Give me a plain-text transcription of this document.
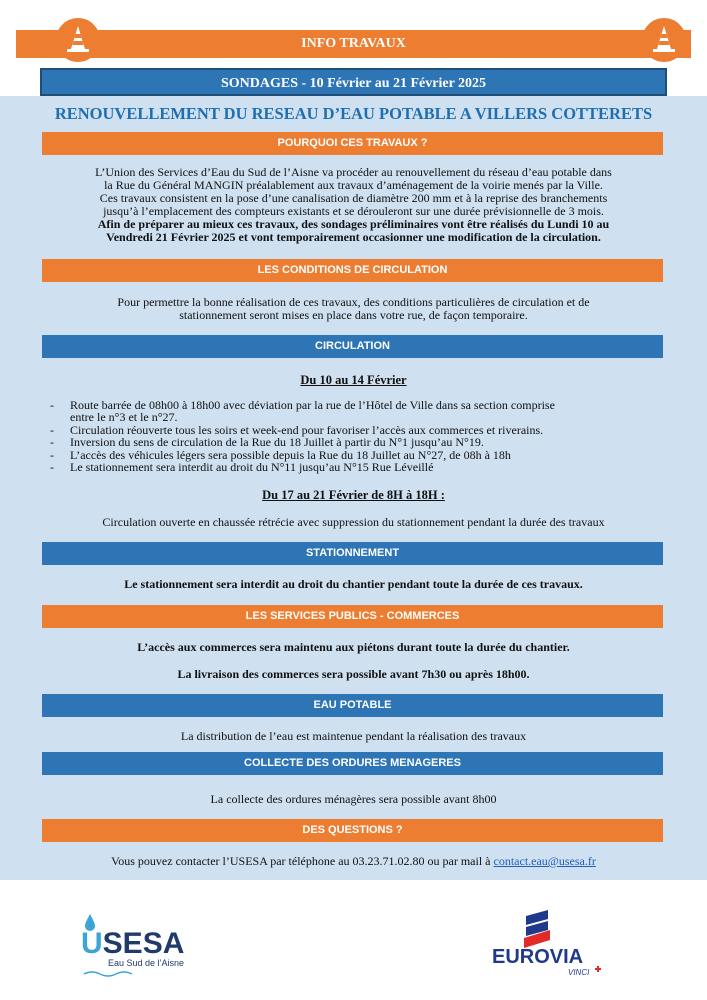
INFO TRAVAUX
SONDAGES - 10 Février au 21 Février 2025
RENOUVELLEMENT DU RESEAU D’EAU POTABLE A VILLERS COTTERETS
POURQUOI CES TRAVAUX ?
L’Union des Services d’Eau du Sud de l’Aisne va procéder au renouvellement du réseau d’eau potable dans
la Rue du Général MANGIN préalablement aux travaux d’aménagement de la voirie menés par la Ville.
Ces travaux consistent en la pose d’une canalisation de diamètre 200 mm et à la reprise des branchements
jusqu’à l’emplacement des compteurs existants et se dérouleront sur une durée prévisionnelle de 3 mois.
Afin de préparer au mieux ces travaux, des sondages préliminaires vont être réalisés du Lundi 10 au
Vendredi 21 Février 2025 et vont temporairement occasionner une modification de la circulation.
LES CONDITIONS DE CIRCULATION
Pour permettre la bonne réalisation de ces travaux, des conditions particulières de circulation et de
stationnement seront mises en place dans votre rue, de façon temporaire.
CIRCULATION
Du 10 au 14 Février
- Route barrée de 08h00 à 18h00 avec déviation par la rue de l’Hôtel de Ville dans sa section comprise
entre le n°3 et le n°27.
- Circulation réouverte tous les soirs et week-end pour favoriser l’accès aux commerces et riverains.
- Inversion du sens de circulation de la Rue du 18 Juillet à partir du N°1 jusqu’au N°19.
- L’accès des véhicules légers sera possible depuis la Rue du 18 Juillet au N°27, de 08h à 18h
- Le stationnement sera interdit au droit du N°11 jusqu’au N°15 Rue Léveillé
Du 17 au 21 Février de 8H à 18H :
Circulation ouverte en chaussée rétrécie avec suppression du stationnement pendant la durée des travaux
STATIONNEMENT
Le stationnement sera interdit au droit du chantier pendant toute la durée de ces travaux.
LES SERVICES PUBLICS - COMMERCES
L’accès aux commerces sera maintenu aux piétons durant toute la durée du chantier.
La livraison des commerces sera possible avant 7h30 ou après 18h00.
EAU POTABLE
La distribution de l’eau est maintenue pendant la réalisation des travaux
COLLECTE DES ORDURES MENAGERES
La collecte des ordures ménagères sera possible avant 8h00
DES QUESTIONS ?
Vous pouvez contacter l’USESA par téléphone au 03.23.71.02.80 ou par mail à contact.eau@usesa.fr
USESA
Eau Sud de l’Aisne	EUROVIA
VINCI
